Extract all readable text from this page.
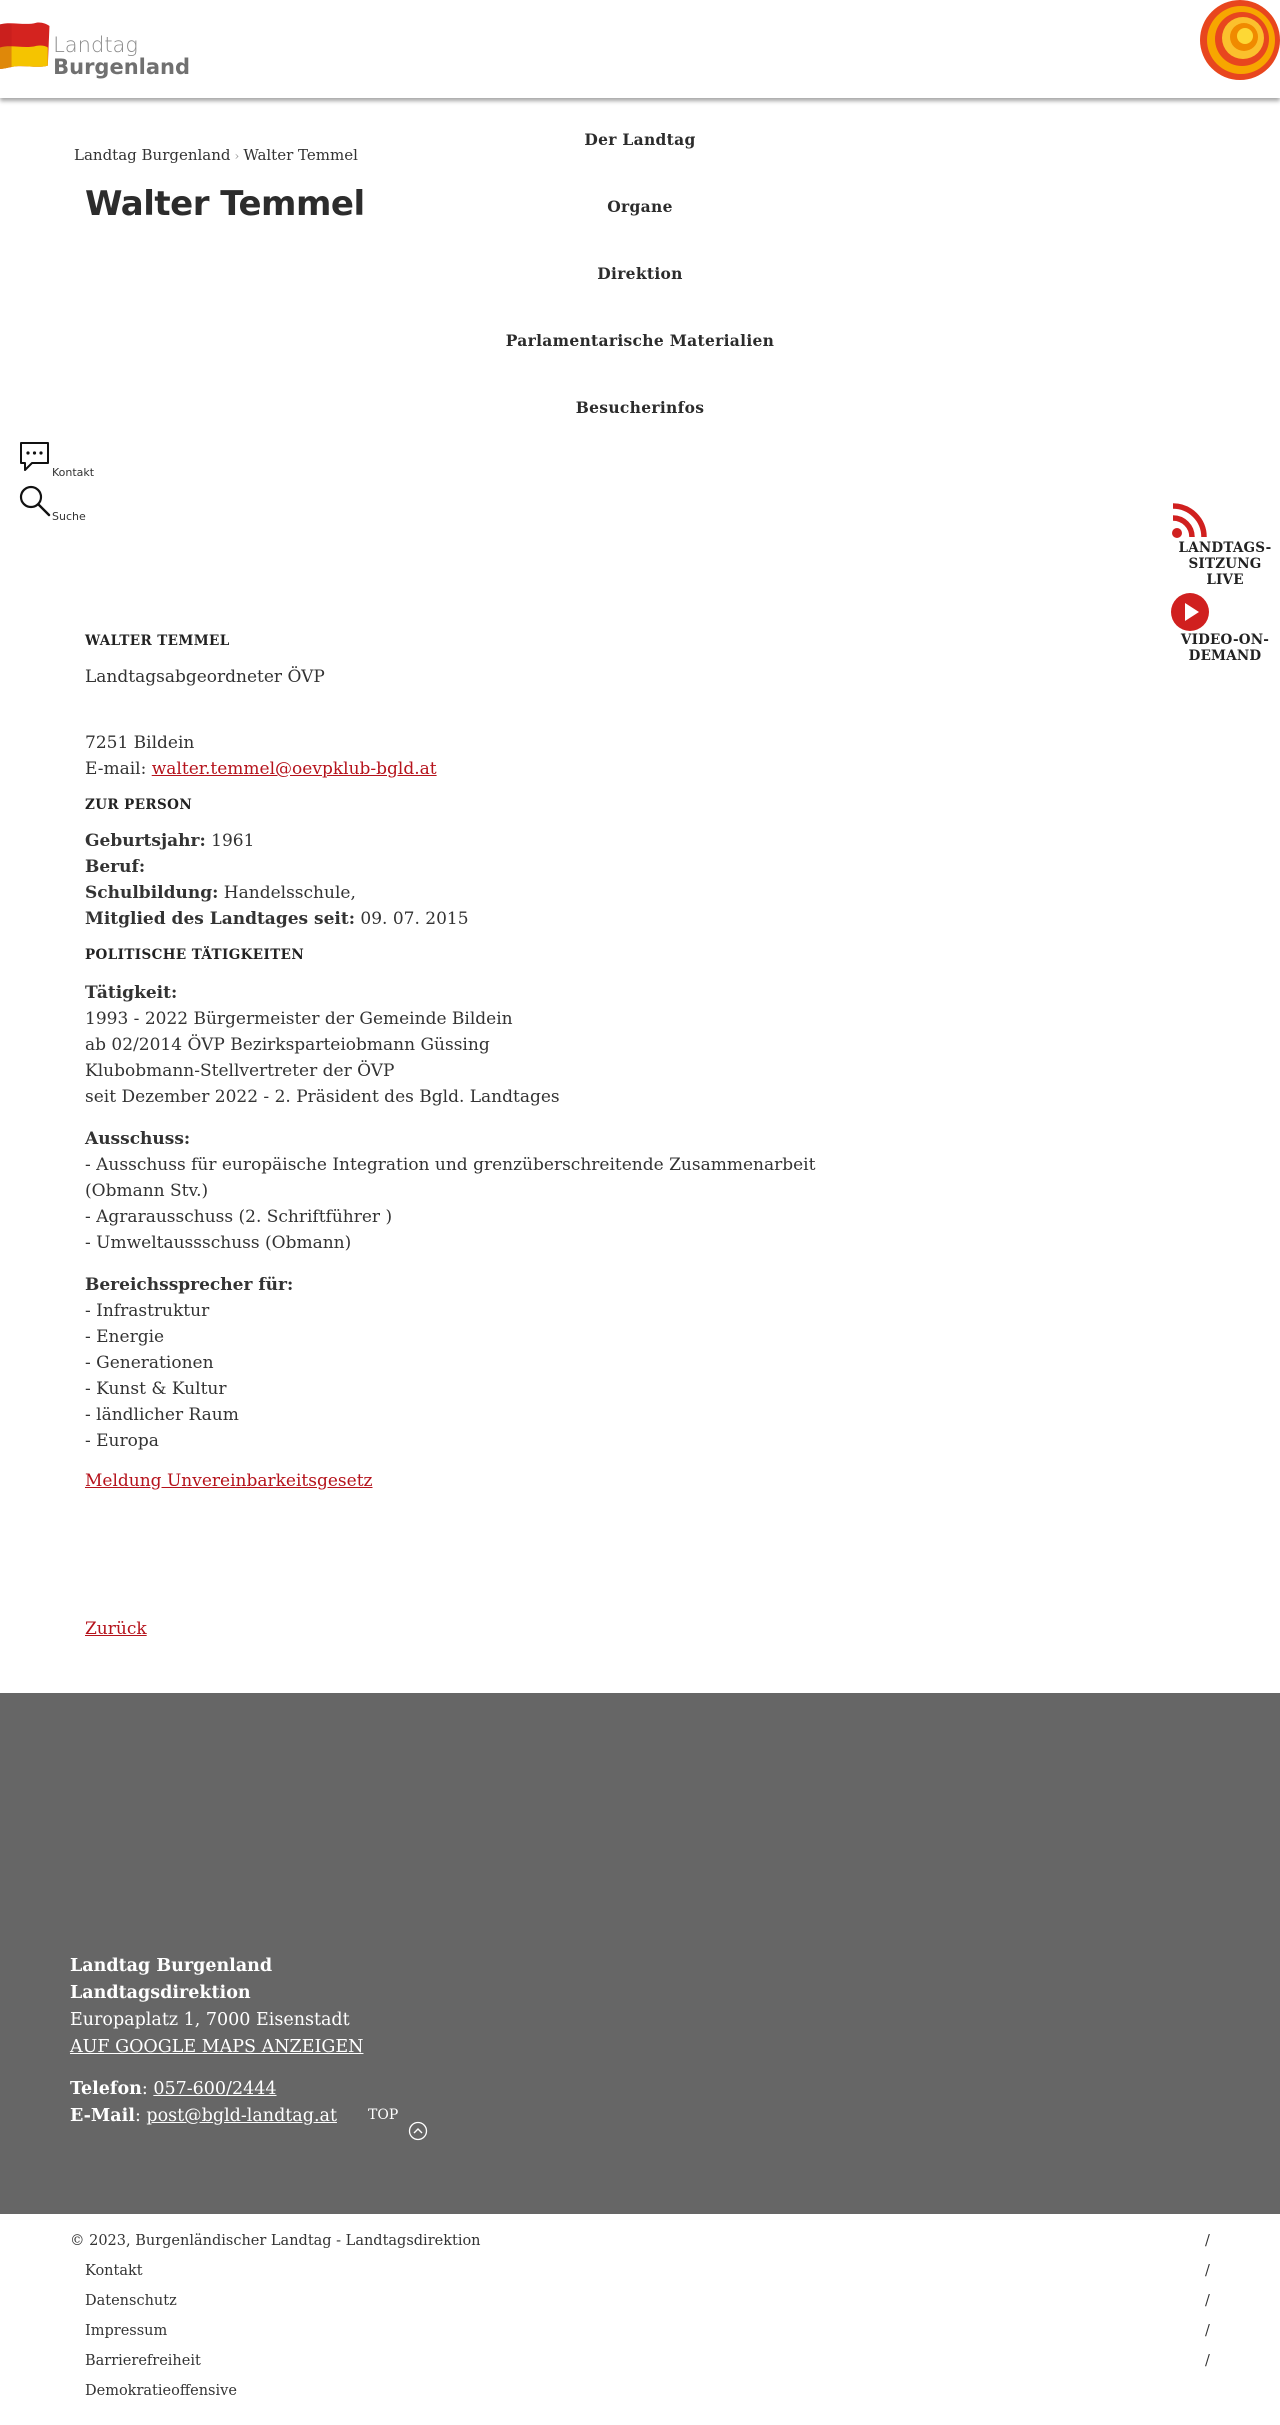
Landtag
Burgenland
Landtag Burgenland › Walter Temmel
Walter Temmel
Der Landtag
Organe
Direktion
Parlamentarische Materialien
Besucherinfos
Kontakt
Suche
LANDTAGS-
SITZUNG LIVE
VIDEO-ON-
DEMAND
WALTER TEMMEL

Landtagsabgeordneter ÖVP

7251 Bildein

E-mail: walter.temmel@oevpklub-bgld.at

ZUR PERSON

Geburtsjahr: 1961

Beruf:

Schulbildung: Handelsschule,

Mitglied des Landtages seit: 09. 07. 2015

POLITISCHE TÄTIGKEITEN

Tätigkeit:

1993 - 2022 Bürgermeister der Gemeinde Bildein

ab 02/2014 ÖVP Bezirksparteiobmann Güssing

Klubobmann-Stellvertreter der ÖVP

seit Dezember 2022 - 2. Präsident des Bgld. Landtages

Ausschuss:

- Ausschuss für europäische Integration und grenzüberschreitende Zusammenarbeit (Obmann Stv.)

- Agrarausschuss (2. Schriftführer )

- Umweltaussschuss (Obmann)

Bereichssprecher für:

- Infrastruktur

- Energie

- Generationen

- Kunst & Kultur

- ländlicher Raum

- Europa

Meldung Unvereinbarkeitsgesetz

Zurück

Landtag Burgenland
Landtagsdirektion
Europaplatz 1, 7000 Eisenstadt
AUF GOOGLE MAPS ANZEIGEN
Telefon: 057-600/2444
E-Mail: post@bgld-landtag.at	TOP
© 2023, Burgenländischer Landtag - Landtagsdirektion	/
Kontakt	/
Datenschutz	/
Impressum	/
Barrierefreiheit	/
Demokratieoffensive
